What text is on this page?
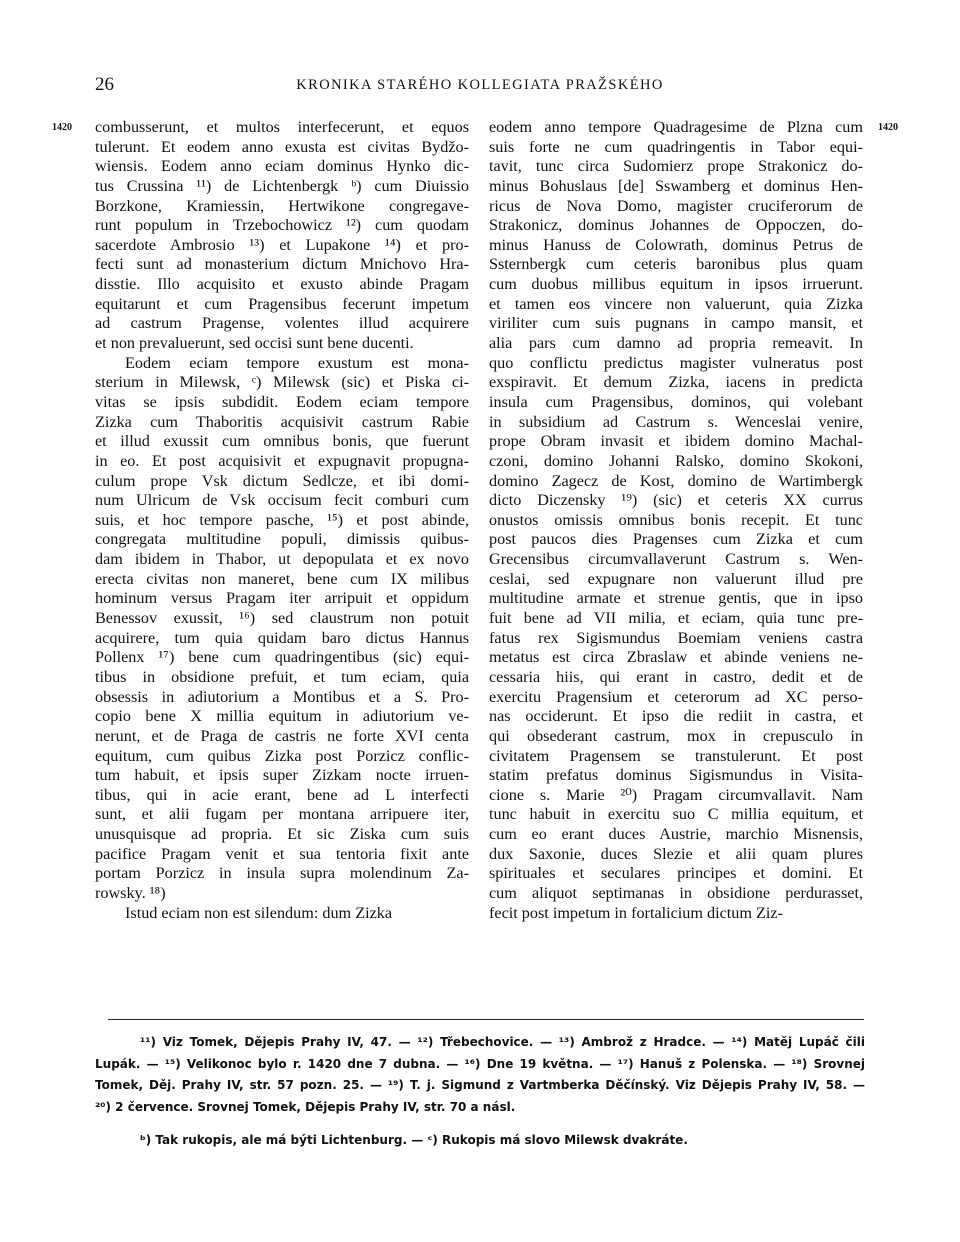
26	KRONIKA STARÉHO KOLLEGIATA PRAŽSKÉHO
1420	1420
combusserunt, et multos interfecerunt, et equos
tulerunt. Et eodem anno exusta est civitas Bydžo-
wiensis. Eodem anno eciam dominus Hynko dic-
tus Crussina ¹¹) de Lichtenbergk ᵇ) cum Diuissio
Borzkone, Kramiessin, Hertwikone congregave-
runt populum in Trzebochowicz ¹²) cum quodam
sacerdote Ambrosio ¹³) et Lupakone ¹⁴) et pro-
fecti sunt ad monasterium dictum Mnichovo Hra-
disstie. Illo acquisito et exusto abinde Pragam
equitarunt et cum Pragensibus fecerunt impetum
ad castrum Pragense, volentes illud acquirere
et non prevaluerunt, sed occisi sunt bene ducenti.
Eodem eciam tempore exustum est mona-
sterium in Milewsk, ᶜ) Milewsk (sic) et Piska ci-
vitas se ipsis subdidit. Eodem eciam tempore
Zizka cum Thaboritis acquisivit castrum Rabie
et illud exussit cum omnibus bonis, que fuerunt
in eo. Et post acquisivit et expugnavit propugna-
culum prope Vsk dictum Sedlcze, et ibi domi-
num Ulricum de Vsk occisum fecit comburi cum
suis, et hoc tempore pasche, ¹⁵) et post abinde,
congregata multitudine populi, dimissis quibus-
dam ibidem in Thabor, ut depopulata et ex novo
erecta civitas non maneret, bene cum IX milibus
hominum versus Pragam iter arripuit et oppidum
Benessov exussit, ¹⁶) sed claustrum non potuit
acquirere, tum quia quidam baro dictus Hannus
Pollenx ¹⁷) bene cum quadringentibus (sic) equi-
tibus in obsidione prefuit, et tum eciam, quia
obsessis in adiutorium a Montibus et a S. Pro-
copio bene X millia equitum in adiutorium ve-
nerunt, et de Praga de castris ne forte XVI centa
equitum, cum quibus Zizka post Porzicz conflic-
tum habuit, et ipsis super Zizkam nocte irruen-
tibus, qui in acie erant, bene ad L interfecti
sunt, et alii fugam per montana arripuere iter,
unusquisque ad propria. Et sic Ziska cum suis
pacifice Pragam venit et sua tentoria fixit ante
portam Porzicz in insula supra molendinum Za-
rowsky. ¹⁸)
Istud eciam non est silendum: dum Zizka
eodem anno tempore Quadragesime de Plzna cum
suis forte ne cum quadringentis in Tabor equi-
tavit, tunc circa Sudomierz prope Strakonicz do-
minus Bohuslaus [de] Sswamberg et dominus Hen-
ricus de Nova Domo, magister cruciferorum de
Strakonicz, dominus Johannes de Oppoczen, do-
minus Hanuss de Colowrath, dominus Petrus de
Ssternbergk cum ceteris baronibus plus quam
cum duobus millibus equitum in ipsos irruerunt.
et tamen eos vincere non valuerunt, quia Zizka
viriliter cum suis pugnans in campo mansit, et
alia pars cum damno ad propria remeavit. In
quo conflictu predictus magister vulneratus post
exspiravit. Et demum Zizka, iacens in predicta
insula cum Pragensibus, dominos, qui volebant
in subsidium ad Castrum s. Wenceslai venire,
prope Obram invasit et ibidem domino Machal-
czoni, domino Johanni Ralsko, domino Skokoni,
domino Zagecz de Kost, domino de Wartimbergk
dicto Diczensky ¹⁹) (sic) et ceteris XX currus
onustos omissis omnibus bonis recepit. Et tunc
post paucos dies Pragenses cum Zizka et cum
Grecensibus circumvallaverunt Castrum s. Wen-
ceslai, sed expugnare non valuerunt illud pre
multitudine armate et strenue gentis, que in ipso
fuit bene ad VII milia, et eciam, quia tunc pre-
fatus rex Sigismundus Boemiam veniens castra
metatus est circa Zbraslaw et abinde veniens ne-
cessaria hiis, qui erant in castro, dedit et de
exercitu Pragensium et ceterorum ad XC perso-
nas occiderunt. Et ipso die rediit in castra, et
qui obsederant castrum, mox in crepusculo in
civitatem Pragensem se transtulerunt. Et post
statim prefatus dominus Sigismundus in Visita-
cione s. Marie ²⁰) Pragam circumvallavit. Nam
tunc habuit in exercitu suo C millia equitum, et
cum eo erant duces Austrie, marchio Misnensis,
dux Saxonie, duces Slezie et alii quam plures
spirituales et seculares principes et domini. Et
cum aliquot septimanas in obsidione perdurasset,
fecit post impetum in fortalicium dictum Ziz-
¹¹) Viz Tomek, Dějepis Prahy IV, 47. — ¹²) Třebechovice. — ¹³) Ambrož z Hradce. — ¹⁴) Matěj Lupáč čili
Lupák. — ¹⁵) Velikonoc bylo r. 1420 dne 7 dubna. — ¹⁶) Dne 19 května. — ¹⁷) Hanuš z Polenska. — ¹⁸) Srovnej
Tomek, Děj. Prahy IV, str. 57 pozn. 25. — ¹⁹) T. j. Sigmund z Vartmberka Děčínský. Viz Dějepis Prahy IV, 58. —
²⁰) 2 července. Srovnej Tomek, Dějepis Prahy IV, str. 70 a násl.
ᵇ) Tak rukopis, ale má býti Lichtenburg. — ᶜ) Rukopis má slovo Milewsk dvakráte.
